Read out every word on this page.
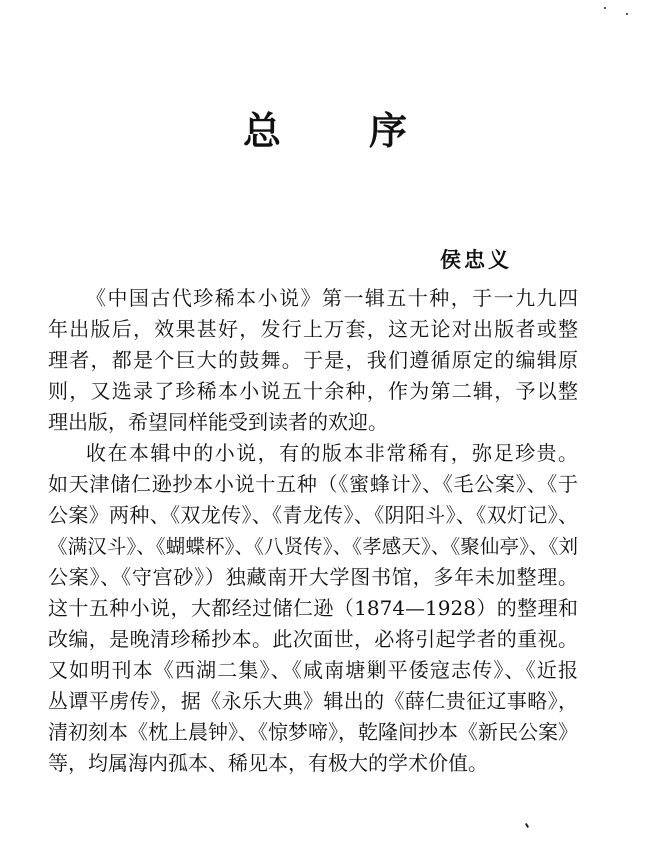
总 序
侯忠义
《中国古代珍稀本小说》第一辑五十种，于一九九四
年出版后，效果甚好，发行上万套，这无论对出版者或整
理者，都是个巨大的鼓舞。于是，我们遵循原定的编辑原
则，又选录了珍稀本小说五十余种，作为第二辑，予以整
理出版，希望同样能受到读者的欢迎。
收在本辑中的小说，有的版本非常稀有，弥足珍贵。
如天津储仁逊抄本小说十五种（《蜜蜂计》、《毛公案》、《于
公案》两种、《双龙传》、《青龙传》、《阴阳斗》、《双灯记》、
《满汉斗》、《蝴蝶杯》、《八贤传》、《孝感天》、《聚仙亭》、《刘
公案》、《守宫砂》）独藏南开大学图书馆，多年未加整理。
这十五种小说，大都经过储仁逊（1874—1928）的整理和
改编，是晚清珍稀抄本。此次面世，必将引起学者的重视。
又如明刊本《西湖二集》、《咸南塘剿平倭寇志传》、《近报
丛谭平虏传》，据《永乐大典》辑出的《薛仁贵征辽事略》，
清初刻本《枕上晨钟》、《惊梦啼》，乾隆间抄本《新民公案》
等，均属海内孤本、稀见本，有极大的学术价值。
